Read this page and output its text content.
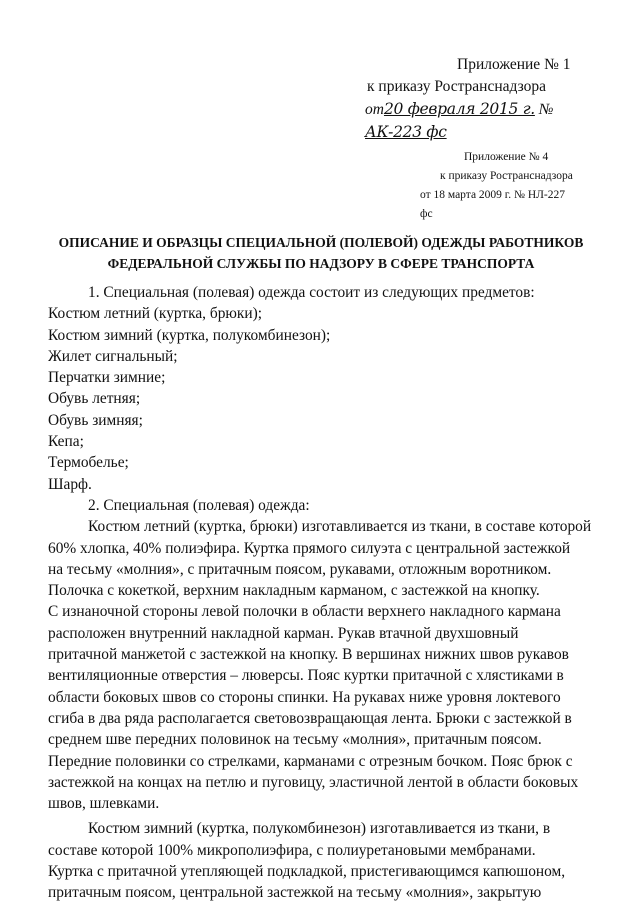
Приложение № 1
к приказу Ространснадзора
от20 февраля 2015 г. № АК-223 фс
Приложение № 4
к приказу Ространснадзора
от 18 марта 2009 г. № НЛ-227 фс
ОПИСАНИЕ И ОБРАЗЦЫ СПЕЦИАЛЬНОЙ (ПОЛЕВОЙ) ОДЕЖДЫ РАБОТНИКОВ
ФЕДЕРАЛЬНОЙ СЛУЖБЫ ПО НАДЗОРУ В СФЕРЕ ТРАНСПОРТА

1. Специальная (полевая) одежда состоит из следующих предметов:

Костюм летний (куртка, брюки);

Костюм зимний (куртка, полукомбинезон);

Жилет сигнальный;

Перчатки зимние;

Обувь летняя;

Обувь зимняя;

Кепа;

Термобелье;

Шарф.

2. Специальная (полевая) одежда:

Костюм летний (куртка, брюки) изготавливается из ткани, в составе которой

60% хлопка, 40% полиэфира. Куртка прямого силуэта с центральной застежкой

на тесьму «молния», с притачным поясом, рукавами, отложным воротником.

Полочка с кокеткой, верхним накладным карманом, с застежкой на кнопку.

С изнаночной стороны левой полочки в области верхнего накладного кармана

расположен внутренний накладной карман. Рукав втачной двухшовный

притачной манжетой с застежкой на кнопку. В вершинах нижних швов рукавов

вентиляционные отверстия – люверсы. Пояс куртки притачной с хлястиками в

области боковых швов со стороны спинки. На рукавах ниже уровня локтевого

сгиба в два ряда располагается световозвращающая лента. Брюки с застежкой в

среднем шве передних половинок на тесьму «молния», притачным поясом.

Передние половинки со стрелками, карманами с отрезным бочком. Пояс брюк с

застежкой на концах на петлю и пуговицу, эластичной лентой в области боковых

швов, шлевками.

Костюм зимний (куртка, полукомбинезон) изготавливается из ткани, в

составе которой 100% микрополиэфира, с полиуретановыми мембранами.

Куртка с притачной утепляющей подкладкой, пристегивающимся капюшоном,

притачным поясом, центральной застежкой на тесьму «молния», закрытую
